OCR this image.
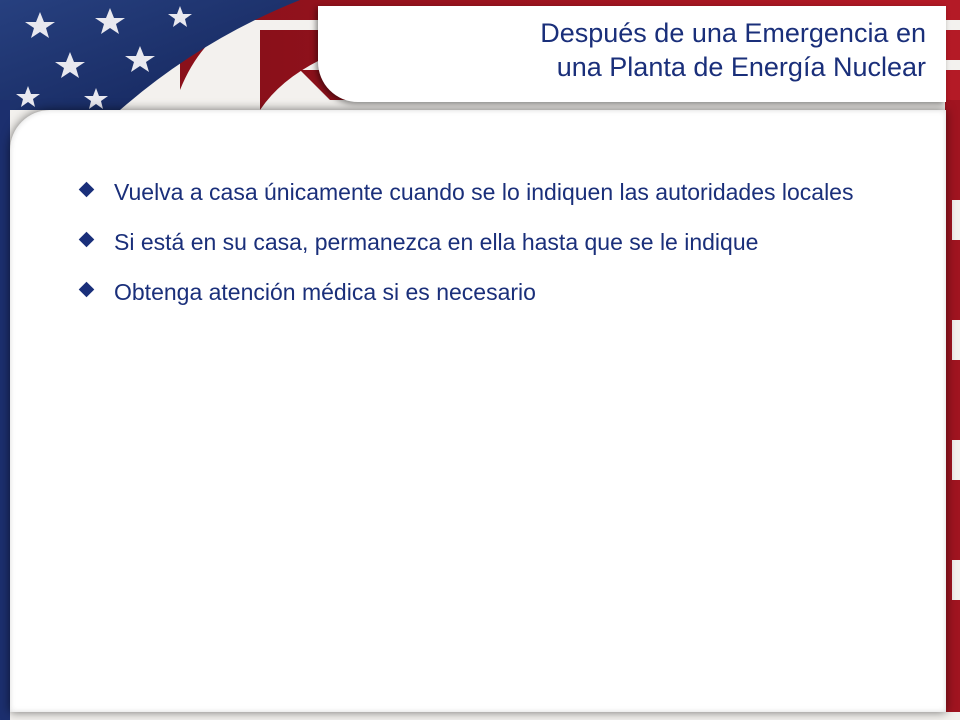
Después de una Emergencia en
una Planta de Energía Nuclear
Vuelva a casa únicamente cuando se lo indiquen las autoridades locales
Si está en su casa, permanezca en ella hasta que se le indique
Obtenga atención médica si es necesario
